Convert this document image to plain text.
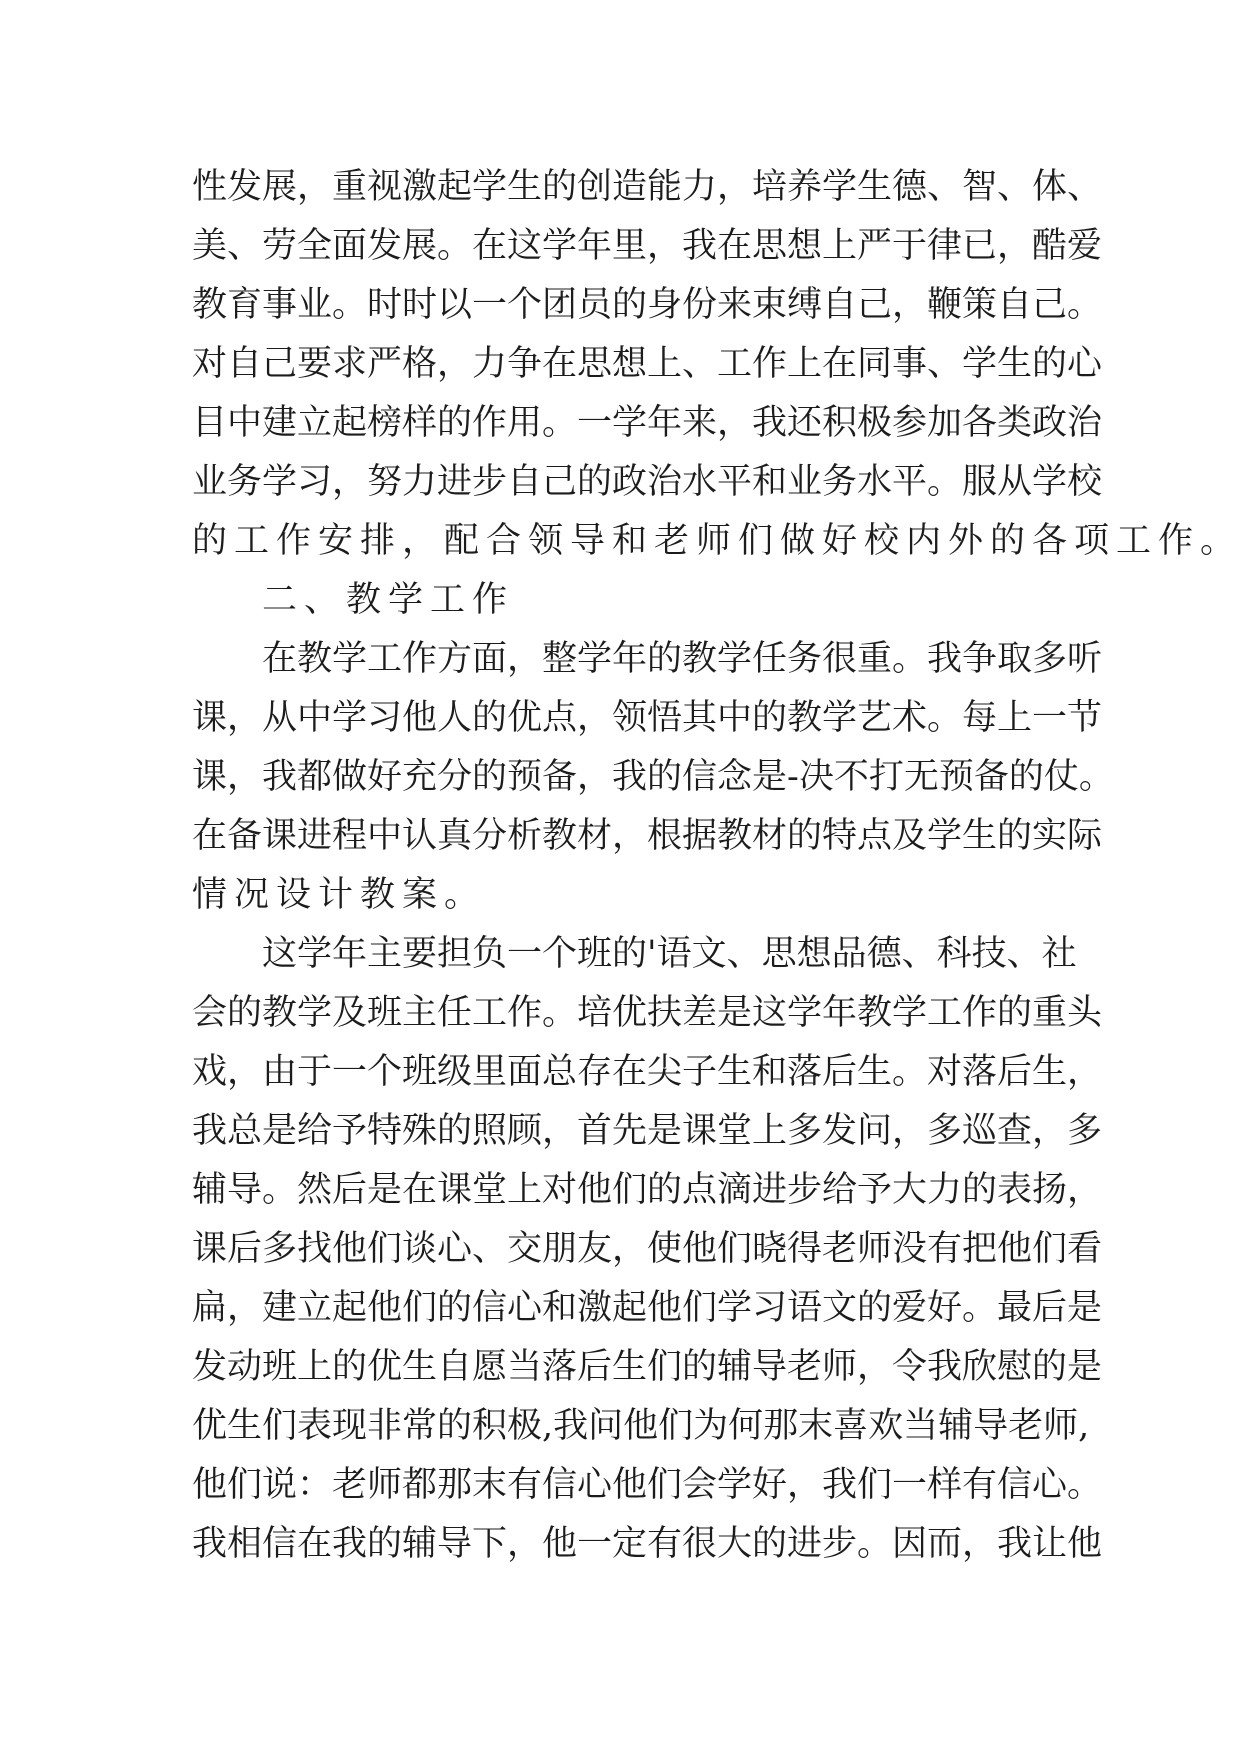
性发展，重视激起学生的创造能力，培养学生德、智、体、
美、劳全面发展。在这学年里，我在思想上严于律已，酷爱
教育事业。时时以一个团员的身份来束缚自己，鞭策自己。
对自己要求严格，力争在思想上、工作上在同事、学生的心
目中建立起榜样的作用。一学年来，我还积极参加各类政治
业务学习，努力进步自己的政治水平和业务水平。服从学校
的工作安排，配合领导和老师们做好校内外的各项工作。
二、教学工作
在教学工作方面，整学年的教学任务很重。我争取多听
课，从中学习他人的优点，领悟其中的教学艺术。每上一节
课，我都做好充分的预备，我的信念是-决不打无预备的仗。
在备课进程中认真分析教材，根据教材的特点及学生的实际
情况设计教案。
这学年主要担负一个班的'语文、思想品德、科技、社
会的教学及班主任工作。培优扶差是这学年教学工作的重头
戏，由于一个班级里面总存在尖子生和落后生。对落后生，
我总是给予特殊的照顾，首先是课堂上多发问，多巡查，多
辅导。然后是在课堂上对他们的点滴进步给予大力的表扬，
课后多找他们谈心、交朋友，使他们晓得老师没有把他们看
扁，建立起他们的信心和激起他们学习语文的爱好。最后是
发动班上的优生自愿当落后生们的辅导老师，令我欣慰的是
优生们表现非常的积极,我问他们为何那末喜欢当辅导老师,
他们说：老师都那末有信心他们会学好，我们一样有信心。
我相信在我的辅导下，他一定有很大的进步。因而，我让他
